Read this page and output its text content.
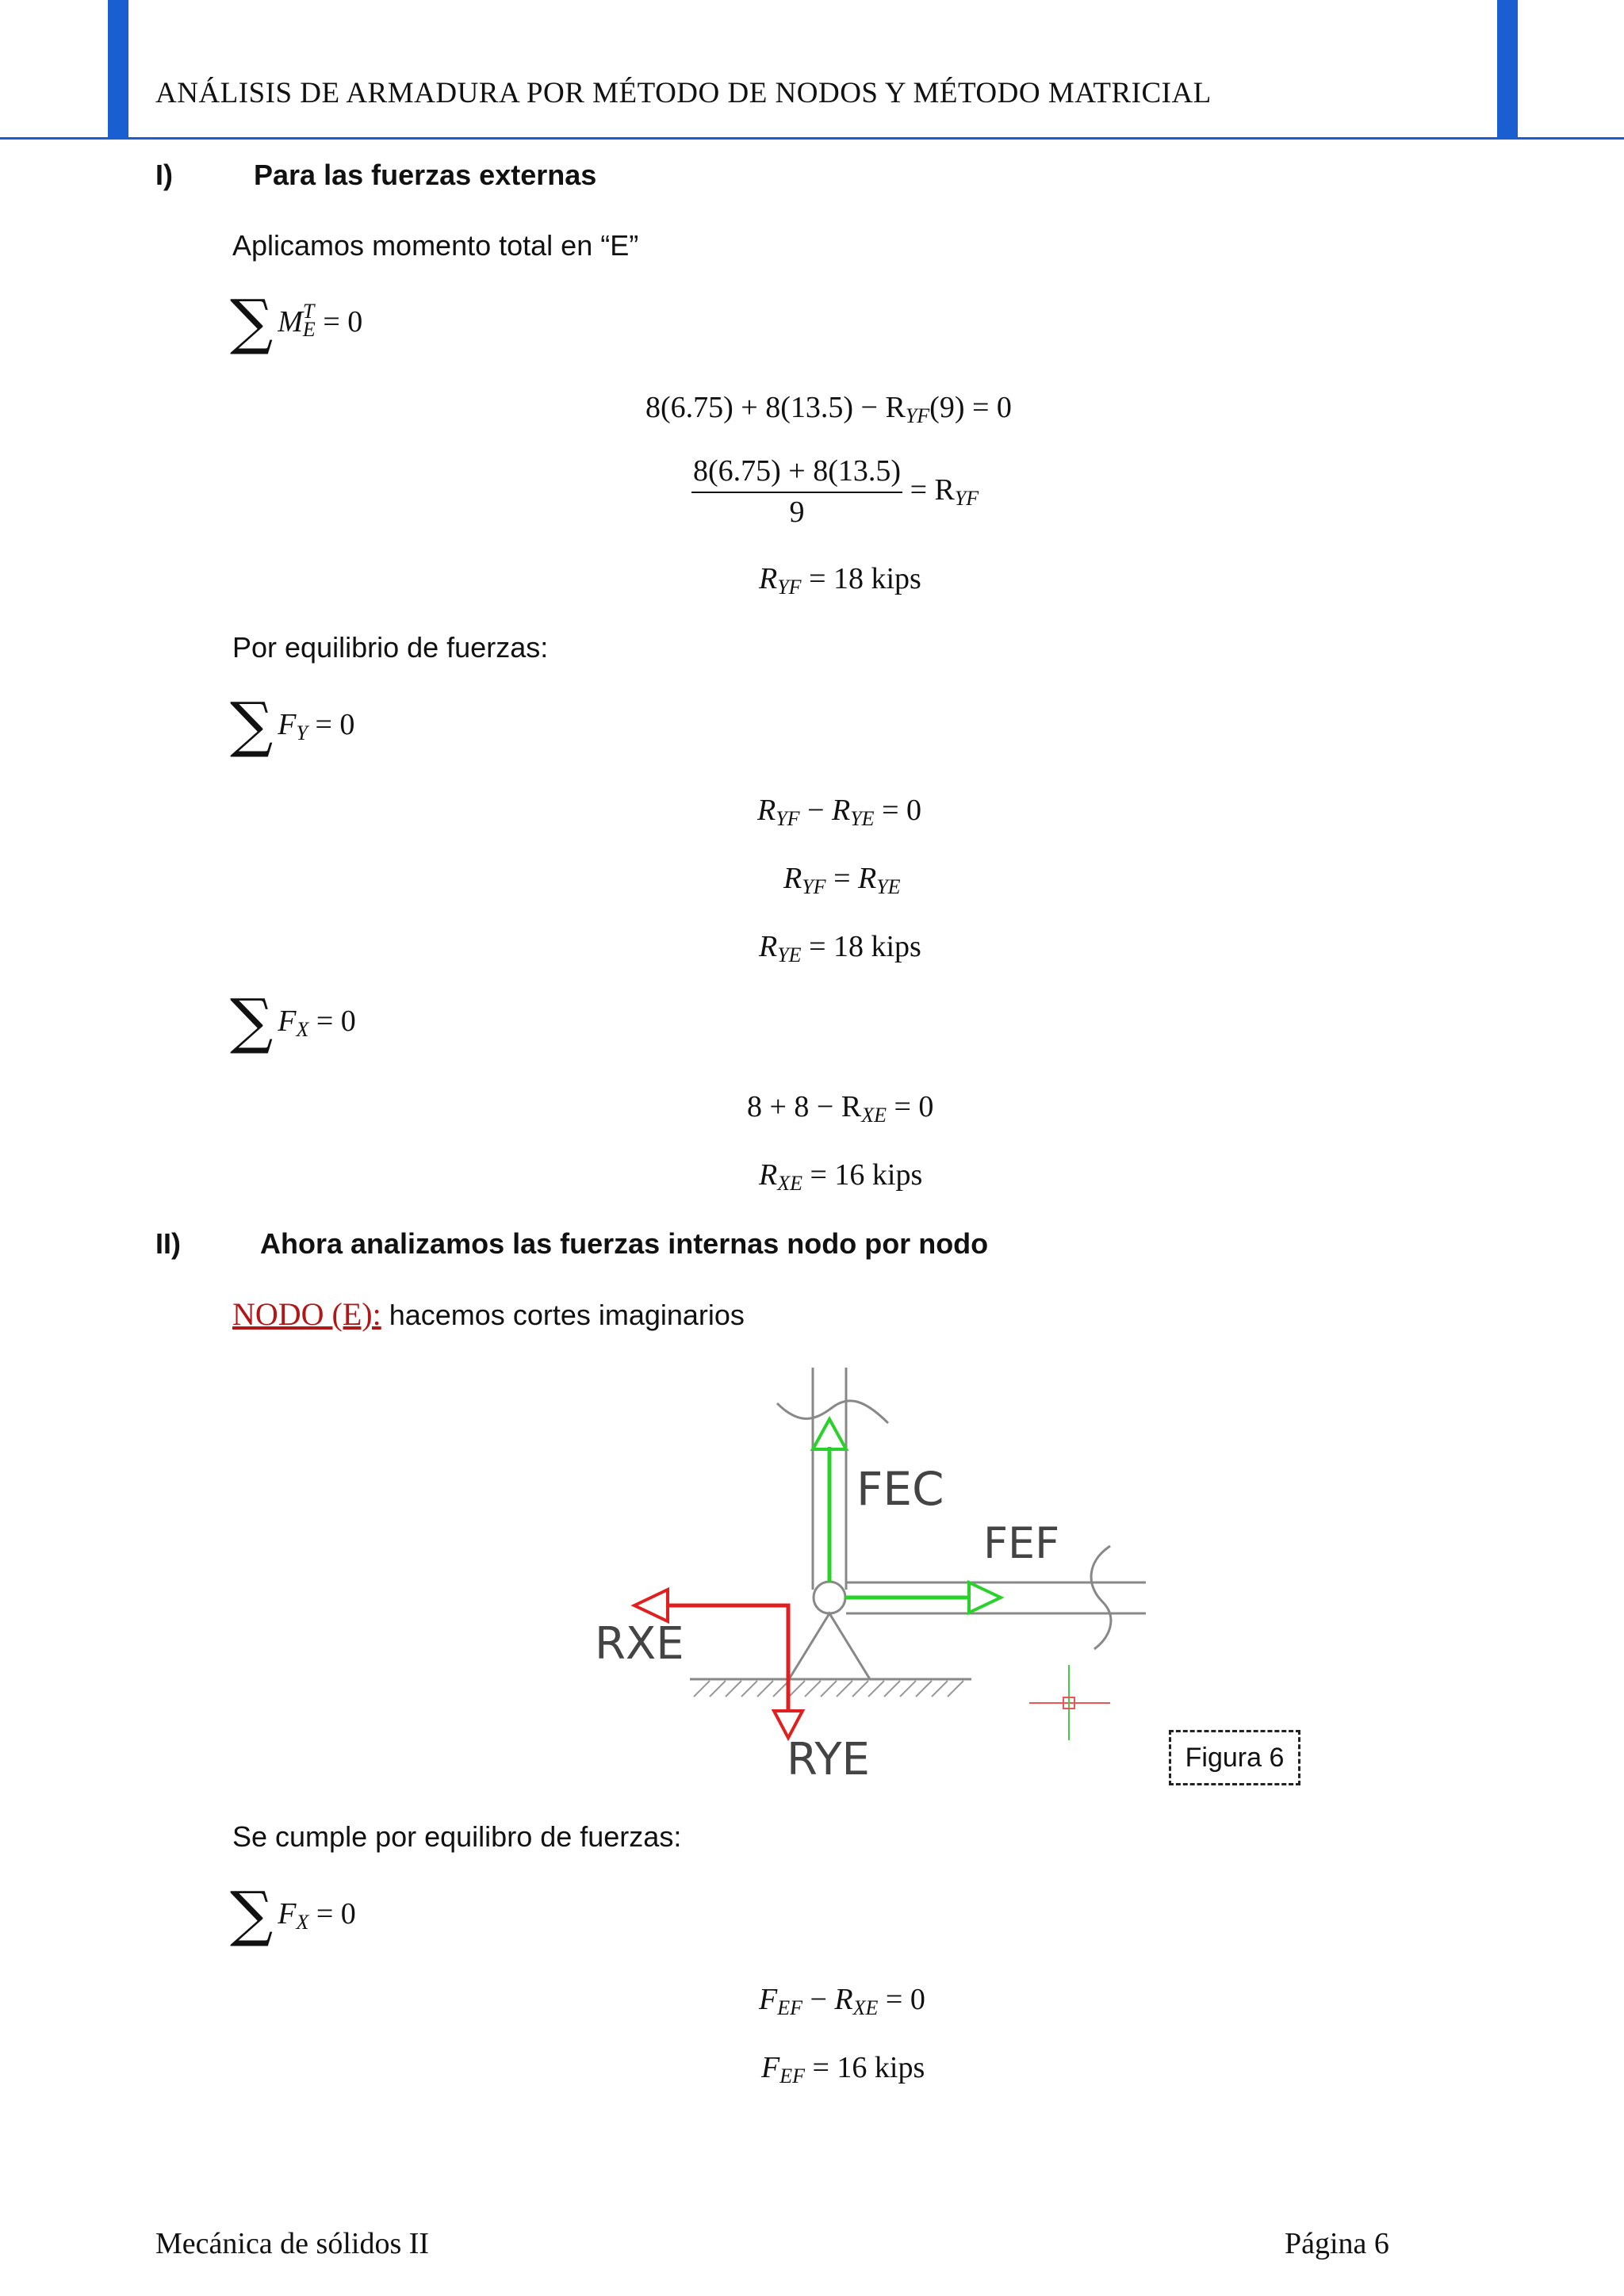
ANÁLISIS DE ARMADURA POR MÉTODO DE NODOS Y MÉTODO MATRICIAL
I)	Para las fuerzas externas
Aplicamos momento total en “E”
∑ M T
E = 0
$8(6.75) + 8(13.5) - R_{YF}(9) = 0$
$\frac{8(6.75) + 8(13.5)}{9} = R_{YF}$
$R_{YF} = 18$ kips
Por equilibrio de fuerzas:
∑ $F_Y = 0$
$R_{YF} - R_{YE} = 0$
$R_{YF} = R_{YE}$
$R_{YE} = 18$ kips
∑ $F_X = 0$
$8 + 8 - R_{XE} = 0$
$R_{XE} = 16$ kips
II)	Ahora analizamos las fuerzas internas nodo por nodo
NODO (E): hacemos cortes imaginarios
FEC
FEF
RXE
RYE	Figura 6
Se cumple por equilibro de fuerzas:
∑ $F_X = 0$
$F_{EF} - R_{XE} = 0$
$F_{EF} = 16$ kips
Mecánica de sólidos II	Página 6
